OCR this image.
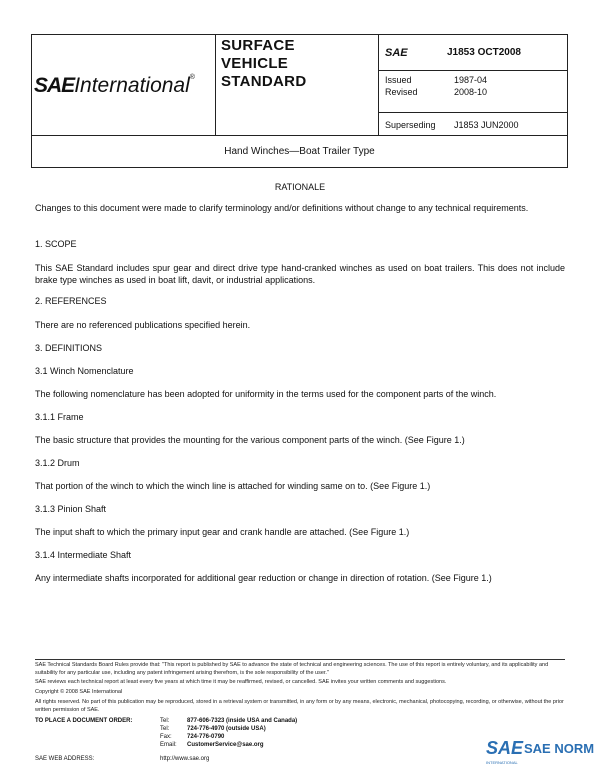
SAEInternational®
SURFACE
VEHICLE
STANDARD
SAE	J1853 OCT2008
Issued	1987-04
Revised	2008-10
Superseding J1853 JUN2000
Hand Winches—Boat Trailer Type
RATIONALE
Changes to this document were made to clarify terminology and/or definitions without change to any technical requirements.
1. SCOPE
This SAE Standard includes spur gear and direct drive type hand-cranked winches as used on boat trailers. This does not include brake type winches as used in boat lift, davit, or industrial applications.
2. REFERENCES
There are no referenced publications specified herein.
3. DEFINITIONS
3.1 Winch Nomenclature
The following nomenclature has been adopted for uniformity in the terms used for the component parts of the winch.
3.1.1 Frame
The basic structure that provides the mounting for the various component parts of the winch. (See Figure 1.)
3.1.2 Drum
That portion of the winch to which the winch line is attached for winding same on to. (See Figure 1.)
3.1.3 Pinion Shaft
The input shaft to which the primary input gear and crank handle are attached. (See Figure 1.)
3.1.4 Intermediate Shaft
Any intermediate shafts incorporated for additional gear reduction or change in direction of rotation. (See Figure 1.)
SAE Technical Standards Board Rules provide that: "This report is published by SAE to advance the state of technical and engineering sciences. The use of this report is entirely voluntary, and its applicability and suitability for any particular use, including any patent infringement arising therefrom, is the sole responsibility of the user."
SAE reviews each technical report at least every five years at which time it may be reaffirmed, revised, or cancelled. SAE invites your written comments and suggestions.
Copyright © 2008 SAE International
All rights reserved. No part of this publication may be reproduced, stored in a retrieval system or transmitted, in any form or by any means, electronic, mechanical, photocopying, recording, or otherwise, without the prior written permission of SAE.
TO PLACE A DOCUMENT ORDER:	Tel:	877-606-7323 (inside USA and Canada)
Tel:	724-776-4970 (outside USA)
Fax:	724-776-0790
Email: CustomerService@sae.org
SAE WEB ADDRESS:	http://www.sae.org
SAE SAE NORM
INTERNATIONAL
